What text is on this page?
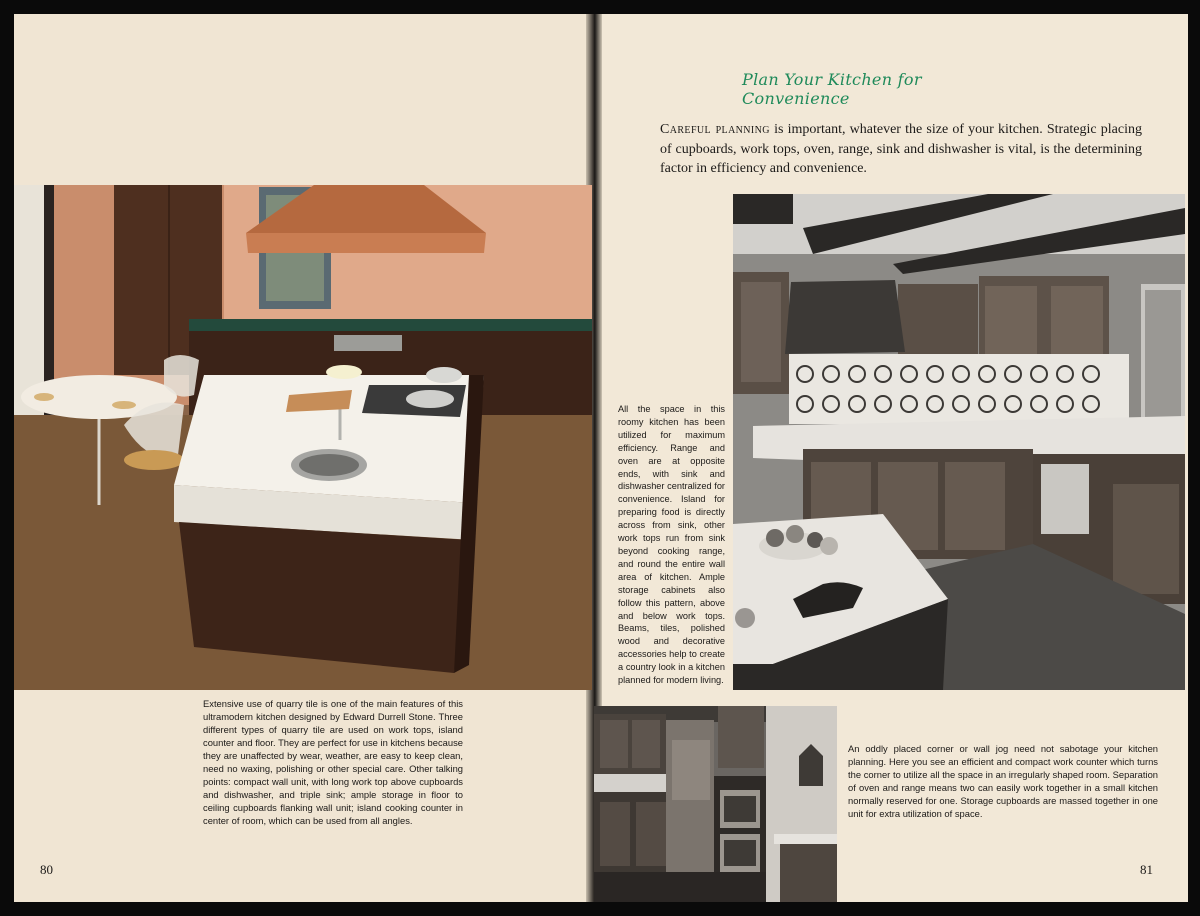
Plan Your Kitchen for Convenience
Careful planning is important, whatever the size of your kitchen. Strategic placing of cupboards, work tops, oven, range, sink and dishwasher is vital, is the determining factor in efficiency and convenience.
Extensive use of quarry tile is one of the main features of this ultramodern kitchen designed by Edward Durrell Stone. Three different types of quarry tile are used on work tops, island counter and floor. They are perfect for use in kitchens because they are unaffected by wear, weather, are easy to keep clean, need no waxing, polishing or other special care. Other talking points: compact wall unit, with long work top above cupboards and dishwasher, and triple sink; ample storage in floor to ceiling cupboards flanking wall unit; island cooking counter in center of room, which can be used from all angles.
All the space in this roomy kitchen has been utilized for maximum efficiency. Range and oven are at opposite ends, with sink and dishwasher centralized for convenience. Island for preparing food is directly across from sink, other work tops run from sink beyond cooking range, and round the entire wall area of kitchen. Ample storage cabinets also follow this pattern, above and below work tops. Beams, tiles, polished wood and decorative accessories help to create a country look in a kitchen planned for modern living.
An oddly placed corner or wall jog need not sabotage your kitchen planning. Here you see an efficient and compact work counter which turns the corner to utilize all the space in an irregularly shaped room. Separation of oven and range means two can easily work together in a small kitchen normally reserved for one. Storage cupboards are massed together in one unit for extra utilization of space.
80	81
